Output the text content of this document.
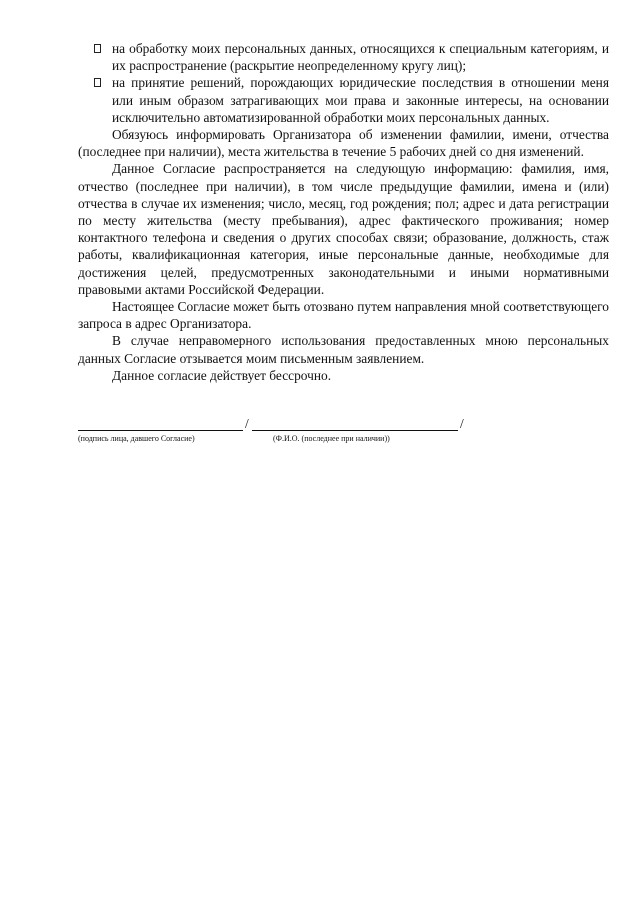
на обработку моих персональных данных, относящихся к специальным категориям, и их распространение (раскрытие неопределенному кругу лиц);
на принятие решений, порождающих юридические последствия в отношении меня или иным образом затрагивающих мои права и законные интересы, на основании исключительно автоматизированной обработки моих персональных данных.

Обязуюсь информировать Организатора об изменении фамилии, имени, отчества (последнее при наличии), места жительства в течение 5 рабочих дней со дня изменений.

Данное Согласие распространяется на следующую информацию: фамилия, имя, отчество (последнее при наличии), в том числе предыдущие фамилии, имена и (или) отчества в случае их изменения; число, месяц, год рождения; пол; адрес и дата регистрации по месту жительства (месту пребывания), адрес фактического проживания; номер контактного телефона и сведения о других способах связи; образование, должность, стаж работы, квалификационная категория, иные персональные данные, необходимые для достижения целей, предусмотренных законодательными и иными нормативными правовыми актами Российской Федерации.

Настоящее Согласие может быть отозвано путем направления мной соответствующего запроса в адрес Организатора.

В случае неправомерного использования предоставленных мною персональных данных Согласие отзывается моим письменным заявлением.

Данное согласие действует бессрочно.

/	/
(подпись лица, давшего Согласие)	(Ф.И.О. (последнее при наличии))
